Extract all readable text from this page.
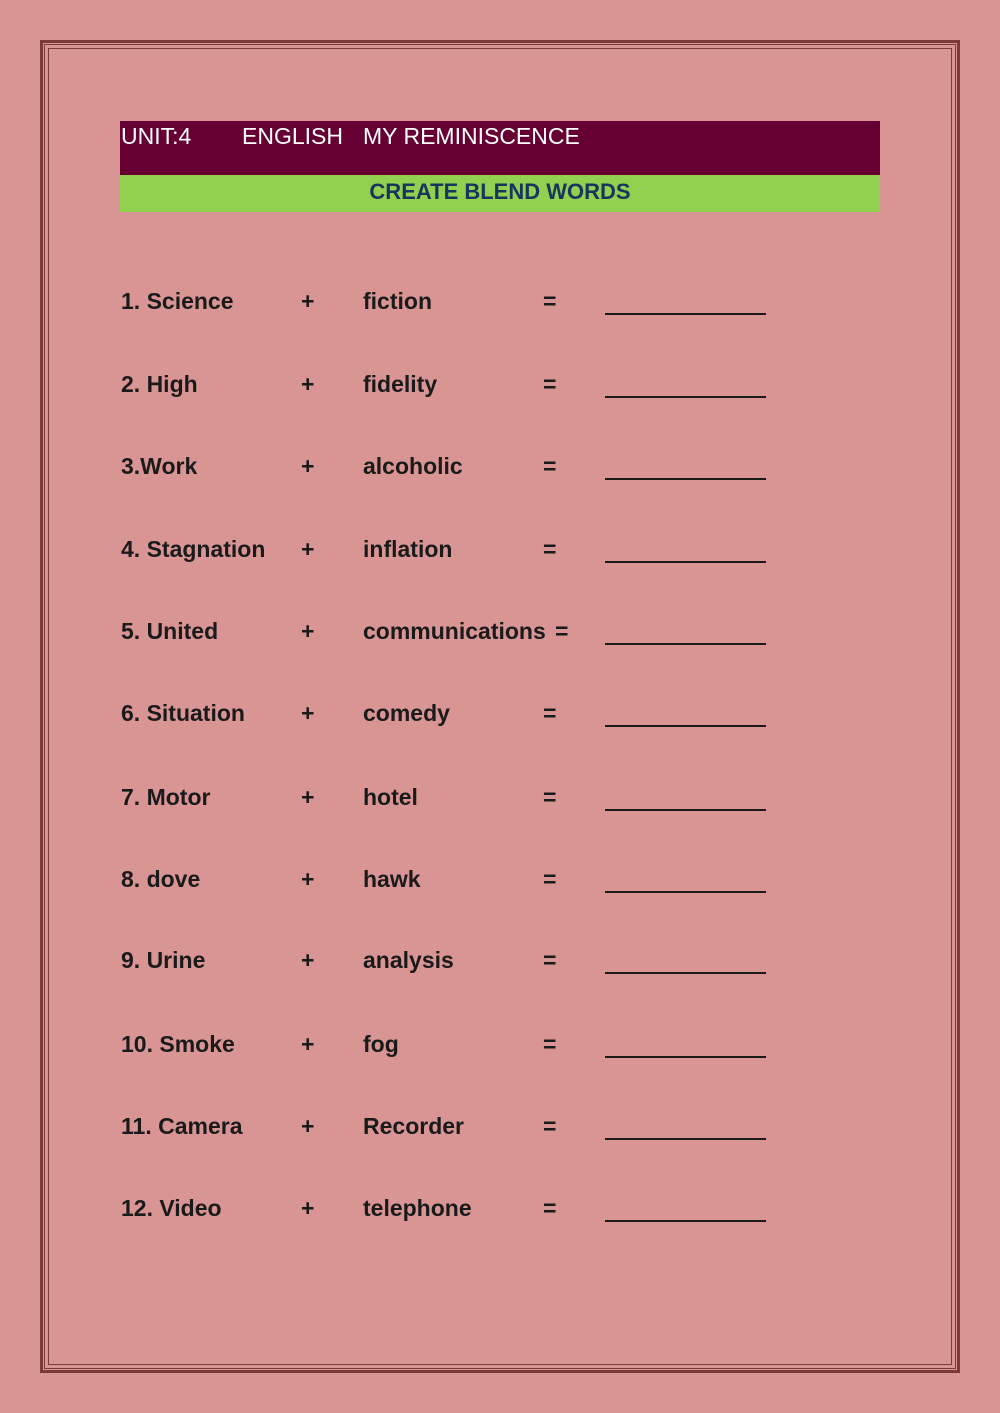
UNIT:4 ENGLISH MY REMINISCENCE
CREATE BLEND WORDS
1. Science	+ fiction	=
2. High	+ fidelity	=
3.Work	+ alcoholic	=
4. Stagnation + inflation	=
5. United	+ communications =
6. Situation + comedy	=
7. Motor	+ hotel	=
8. dove	+ hawk	=
9. Urine	+ analysis	=
10. Smoke	+ fog	=
11. Camera	+ Recorder	=
12. Video	+ telephone	=
